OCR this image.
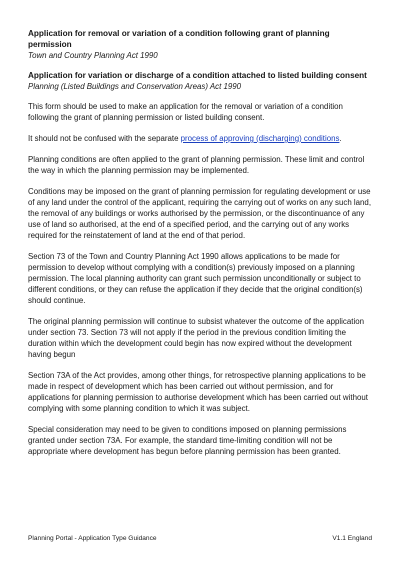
Application for removal or variation of a condition following grant of planning permission

Town and Country Planning Act 1990

Application for variation or discharge of a condition attached to listed building consent

Planning (Listed Buildings and Conservation Areas) Act 1990

This form should be used to make an application for the removal or variation of a condition following the grant of planning permission or listed building consent.

It should not be confused with the separate process of approving (discharging) conditions.

Planning conditions are often applied to the grant of planning permission. These limit and control the way in which the planning permission may be implemented.

Conditions may be imposed on the grant of planning permission for regulating development or use of any land under the control of the applicant, requiring the carrying out of works on any such land, the removal of any buildings or works authorised by the permission, or the discontinuance of any use of land so authorised, at the end of a specified period, and the carrying out of any works required for the reinstatement of land at the end of that period.

Section 73 of the Town and Country Planning Act 1990 allows applications to be made for permission to develop without complying with a condition(s) previously imposed on a planning permission. The local planning authority can grant such permission unconditionally or subject to different conditions, or they can refuse the application if they decide that the original condition(s) should continue.

The original planning permission will continue to subsist whatever the outcome of the application under section 73. Section 73 will not apply if the period in the previous condition limiting the duration within which the development could begin has now expired without the development having begun

Section 73A of the Act provides, among other things, for retrospective planning applications to be made in respect of development which has been carried out without permission, and for applications for planning permission to authorise development which has been carried out without complying with some planning condition to which it was subject.

Special consideration may need to be given to conditions imposed on planning permissions granted under section 73A. For example, the standard time-limiting condition will not be appropriate where development has begun before planning permission has been granted.

Planning Portal - Application Type Guidance	V1.1 England
